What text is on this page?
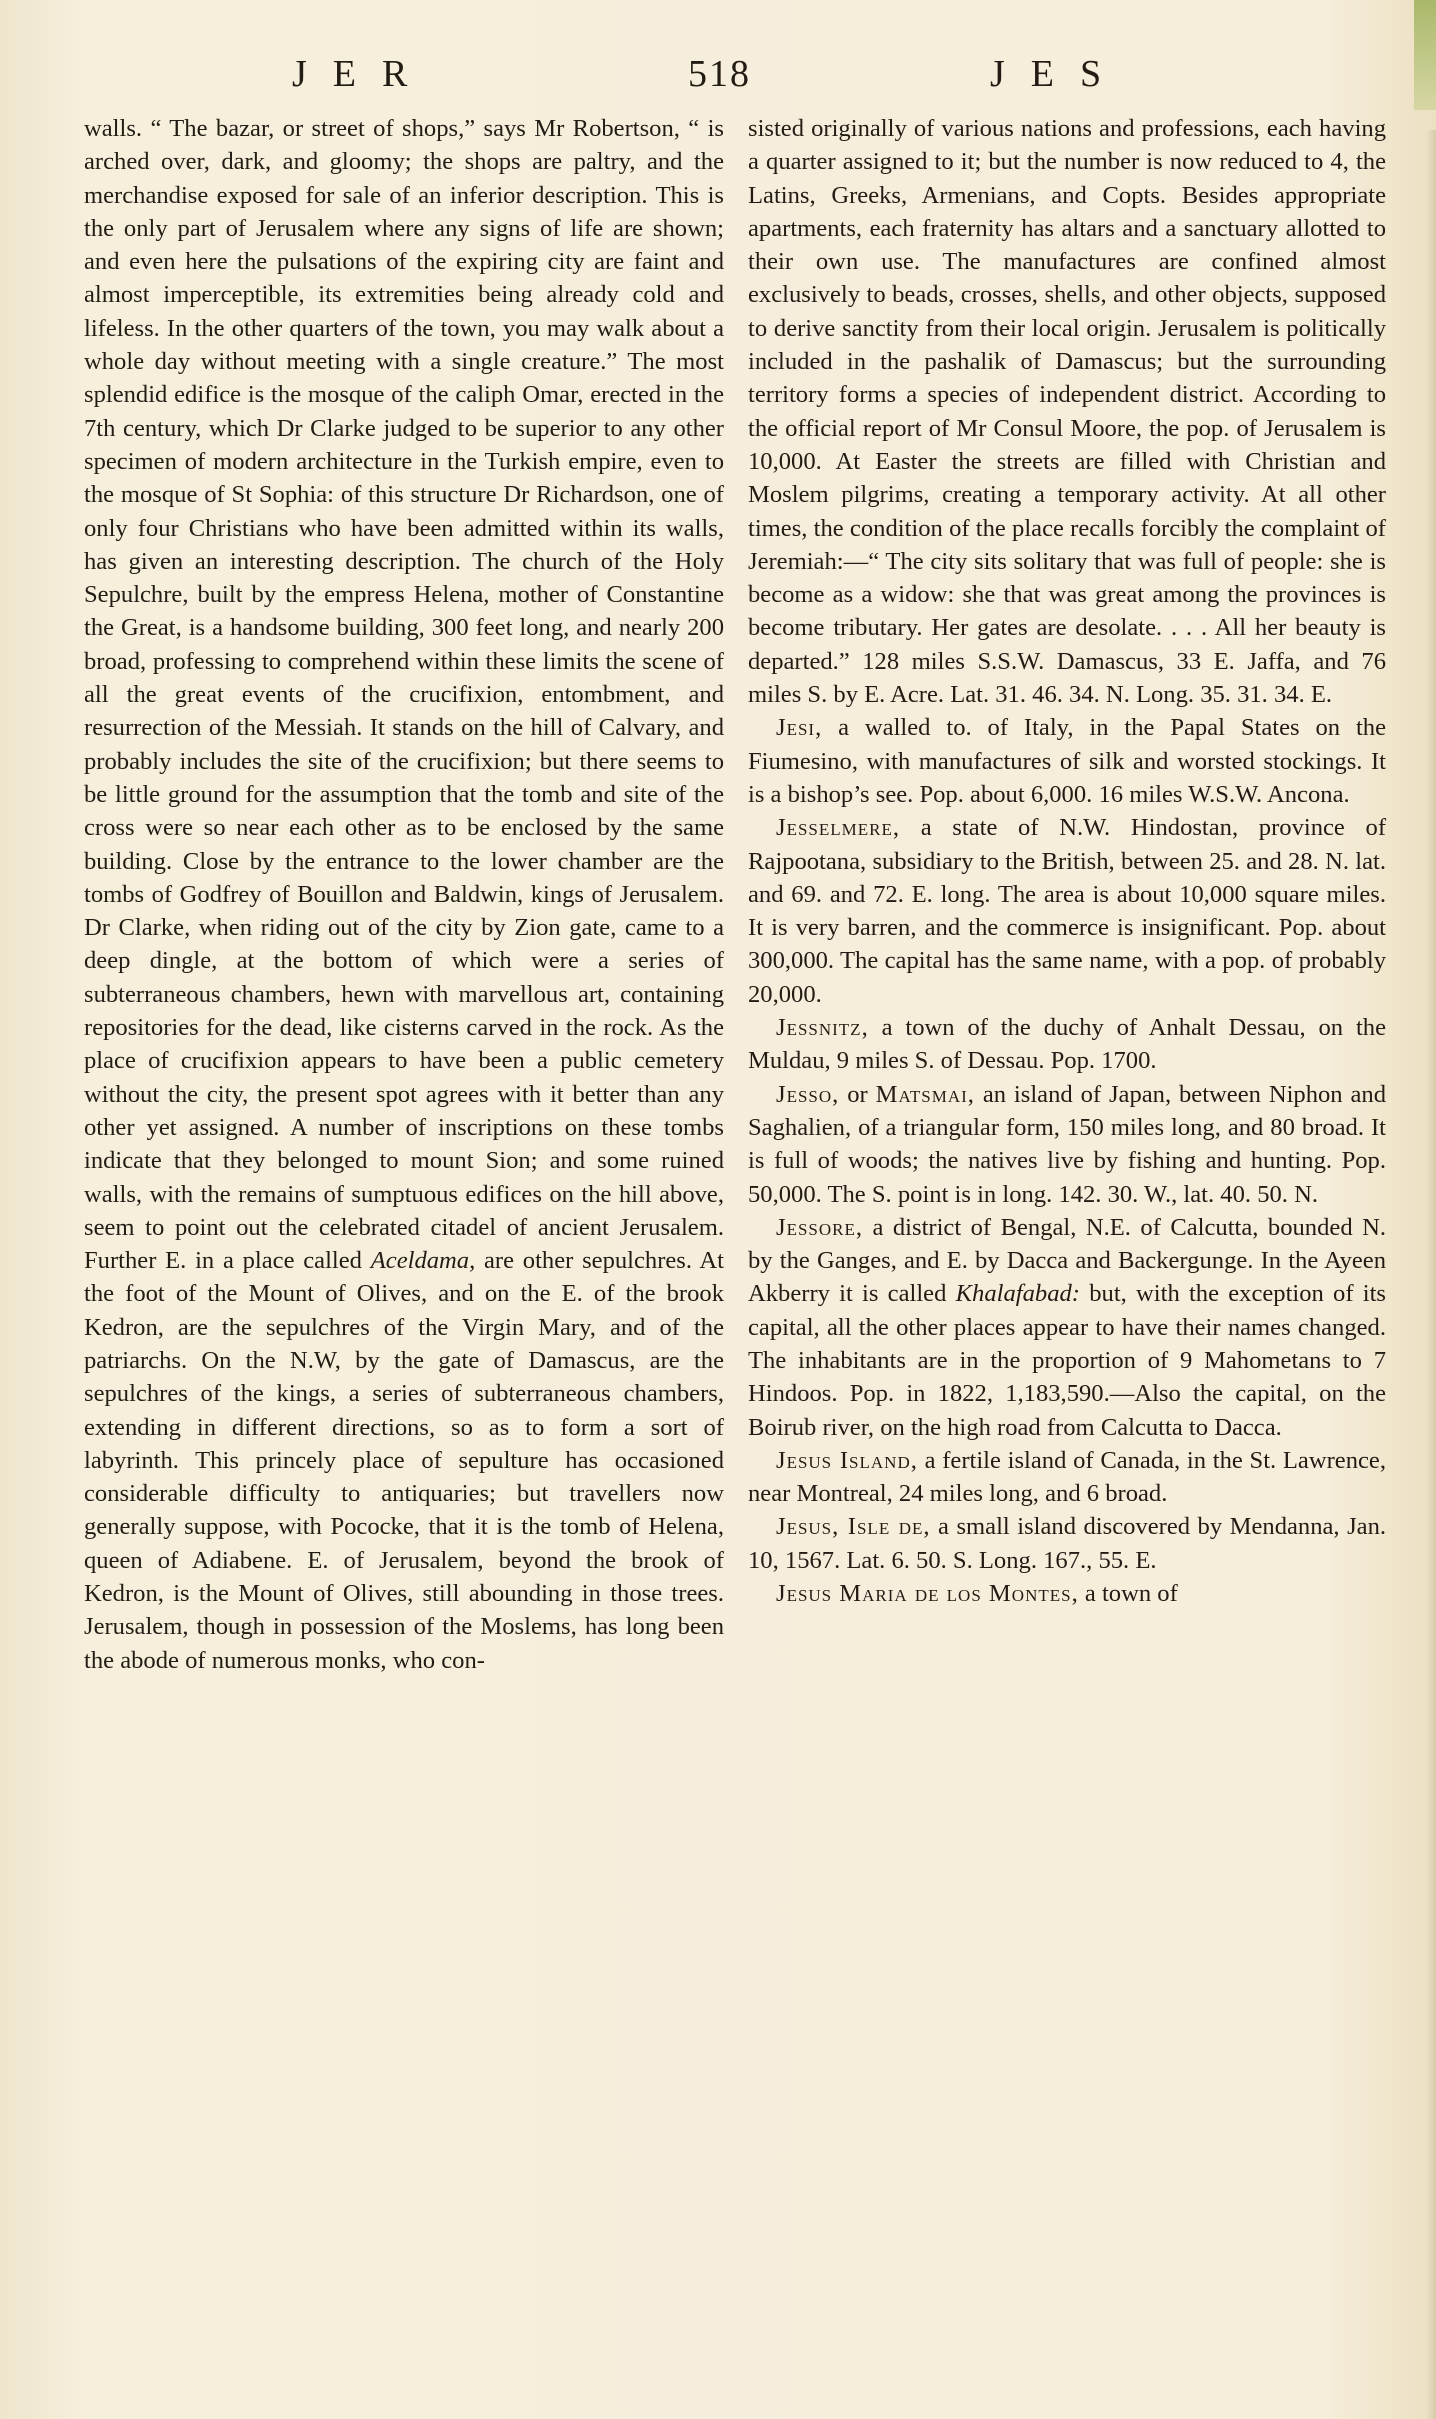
JER	518	JES

walls. “ The bazar, or street of shops,” says Mr Robertson, “ is arched over, dark, and gloomy; the shops are paltry, and the merchandise exposed for sale of an inferior description. This is the only part of Jerusalem where any signs of life are shown; and even here the pulsations of the expiring city are faint and almost imperceptible, its extremities being already cold and lifeless. In the other quarters of the town, you may walk about a whole day without meeting with a single creature.” The most splendid edifice is the mosque of the caliph Omar, erected in the 7th century, which Dr Clarke judged to be superior to any other specimen of modern architecture in the Turkish empire, even to the mosque of St Sophia: of this structure Dr Richardson, one of only four Christians who have been admitted within its walls, has given an interesting description. The church of the Holy Sepulchre, built by the empress Helena, mother of Constantine the Great, is a handsome building, 300 feet long, and nearly 200 broad, professing to comprehend within these limits the scene of all the great events of the crucifixion, entombment, and resurrection of the Messiah. It stands on the hill of Calvary, and probably includes the site of the crucifixion; but there seems to be little ground for the assumption that the tomb and site of the cross were so near each other as to be enclosed by the same building. Close by the entrance to the lower chamber are the tombs of Godfrey of Bouillon and Baldwin, kings of Jerusalem. Dr Clarke, when riding out of the city by Zion gate, came to a deep dingle, at the bottom of which were a series of subterraneous chambers, hewn with marvellous art, containing repositories for the dead, like cisterns carved in the rock. As the place of crucifixion appears to have been a public cemetery without the city, the present spot agrees with it better than any other yet assigned. A number of inscriptions on these tombs indicate that they belonged to mount Sion; and some ruined walls, with the remains of sumptuous edifices on the hill above, seem to point out the celebrated citadel of ancient Jerusalem. Further E. in a place called Aceldama, are other sepulchres. At the foot of the Mount of Olives, and on the E. of the brook Kedron, are the sepulchres of the Virgin Mary, and of the patriarchs. On the N.W, by the gate of Damascus, are the sepulchres of the kings, a series of subterraneous chambers, extending in different directions, so as to form a sort of labyrinth. This princely place of sepulture has occasioned considerable difficulty to antiquaries; but travellers now generally suppose, with Pococke, that it is the tomb of Helena, queen of Adiabene. E. of Jerusalem, beyond the brook of Kedron, is the Mount of Olives, still abounding in those trees. Jerusalem, though in possession of the Moslems, has long been the abode of numerous monks, who con-

sisted originally of various nations and professions, each having a quarter assigned to it; but the number is now reduced to 4, the Latins, Greeks, Armenians, and Copts. Besides appropriate apartments, each fraternity has altars and a sanctuary allotted to their own use. The manufactures are confined almost exclusively to beads, crosses, shells, and other objects, supposed to derive sanctity from their local origin. Jerusalem is politically included in the pashalik of Damascus; but the surrounding territory forms a species of independent district. According to the official report of Mr Consul Moore, the pop. of Jerusalem is 10,000. At Easter the streets are filled with Christian and Moslem pilgrims, creating a temporary activity. At all other times, the condition of the place recalls forcibly the complaint of Jeremiah:—“ The city sits solitary that was full of people: she is become as a widow: she that was great among the provinces is become tributary. Her gates are desolate. . . . All her beauty is departed.” 128 miles S.S.W. Damascus, 33 E. Jaffa, and 76 miles S. by E. Acre. Lat. 31. 46. 34. N. Long. 35. 31. 34. E.

Jesi, a walled to. of Italy, in the Papal States on the Fiumesino, with manufactures of silk and worsted stockings. It is a bishop’s see. Pop. about 6,000. 16 miles W.S.W. Ancona.

Jesselmere, a state of N.W. Hindostan, province of Rajpootana, subsidiary to the British, between 25. and 28. N. lat. and 69. and 72. E. long. The area is about 10,000 square miles. It is very barren, and the commerce is insignificant. Pop. about 300,000. The capital has the same name, with a pop. of probably 20,000.

Jessnitz, a town of the duchy of Anhalt Dessau, on the Muldau, 9 miles S. of Dessau. Pop. 1700.

Jesso, or Matsmai, an island of Japan, between Niphon and Saghalien, of a triangular form, 150 miles long, and 80 broad. It is full of woods; the natives live by fishing and hunting. Pop. 50,000. The S. point is in long. 142. 30. W., lat. 40. 50. N.

Jessore, a district of Bengal, N.E. of Calcutta, bounded N. by the Ganges, and E. by Dacca and Backergunge. In the Ayeen Akberry it is called Khalafabad: but, with the exception of its capital, all the other places appear to have their names changed. The inhabitants are in the proportion of 9 Mahometans to 7 Hindoos. Pop. in 1822, 1,183,590.—Also the capital, on the Boirub river, on the high road from Calcutta to Dacca.

Jesus Island, a fertile island of Canada, in the St. Lawrence, near Montreal, 24 miles long, and 6 broad.

Jesus, Isle de, a small island discovered by Mendanna, Jan. 10, 1567. Lat. 6. 50. S. Long. 167., 55. E.

Jesus Maria de los Montes, a town of
